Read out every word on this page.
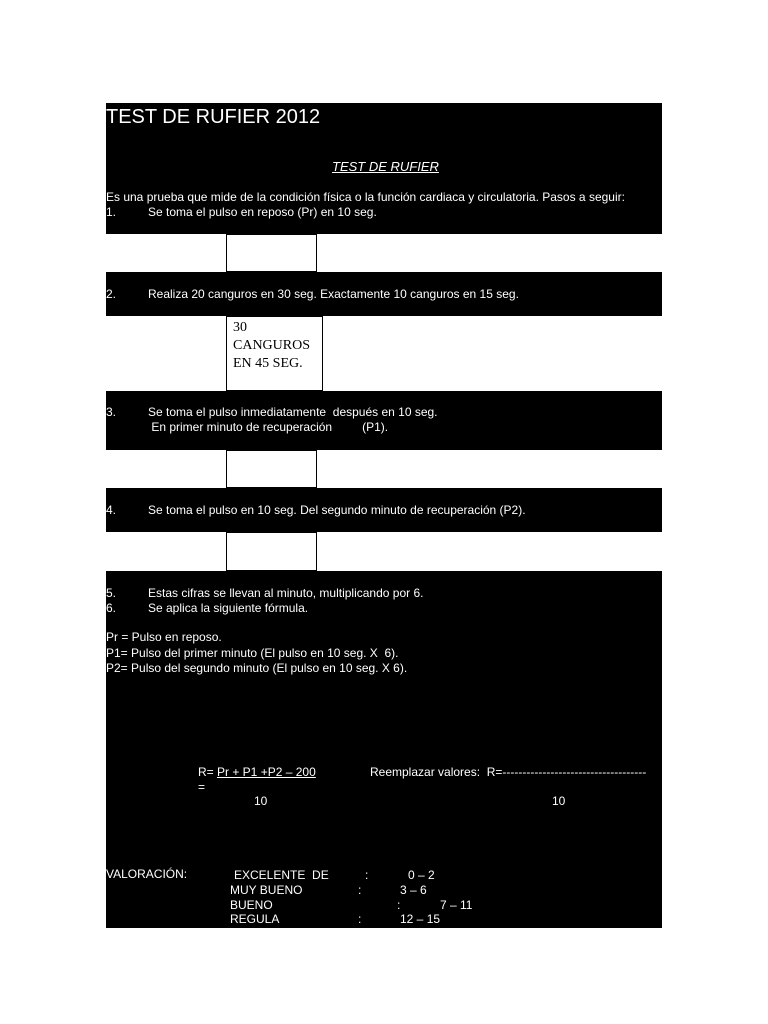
TEST DE RUFIER 2012
TEST DE RUFIER
Es una prueba que mide de la condición física o la función cardiaca y circulatoria. Pasos a seguir:
1.	Se toma el pulso en reposo (Pr) en 10 seg.
2.	Realiza 20 canguros en 30 seg. Exactamente 10 canguros en 15 seg.
30
CANGUROS
EN 45 SEG.
3.	Se toma el pulso inmediatamente  después en 10 seg.
En primer minuto de recuperación         (P1).
4.	Se toma el pulso en 10 seg. Del segundo minuto de recuperación (P2).
5.	Estas cifras se llevan al minuto, multiplicando por 6.
6.	Se aplica la siguiente fórmula.
Pr = Pulso en reposo.
P1= Pulso del primer minuto (El pulso en 10 seg. X  6).
P2= Pulso del segundo minuto (El pulso en 10 seg. X 6).
R= Pr + P1 +P2 – 200
=
10
Reemplazar valores:  R=------------------------------------
10
VALORACIÓN:	EXCELENTE  DE	:	0 – 2
MUY BUENO	:	3 – 6
BUENO	:	7 – 11
REGULA	:	12 – 15
